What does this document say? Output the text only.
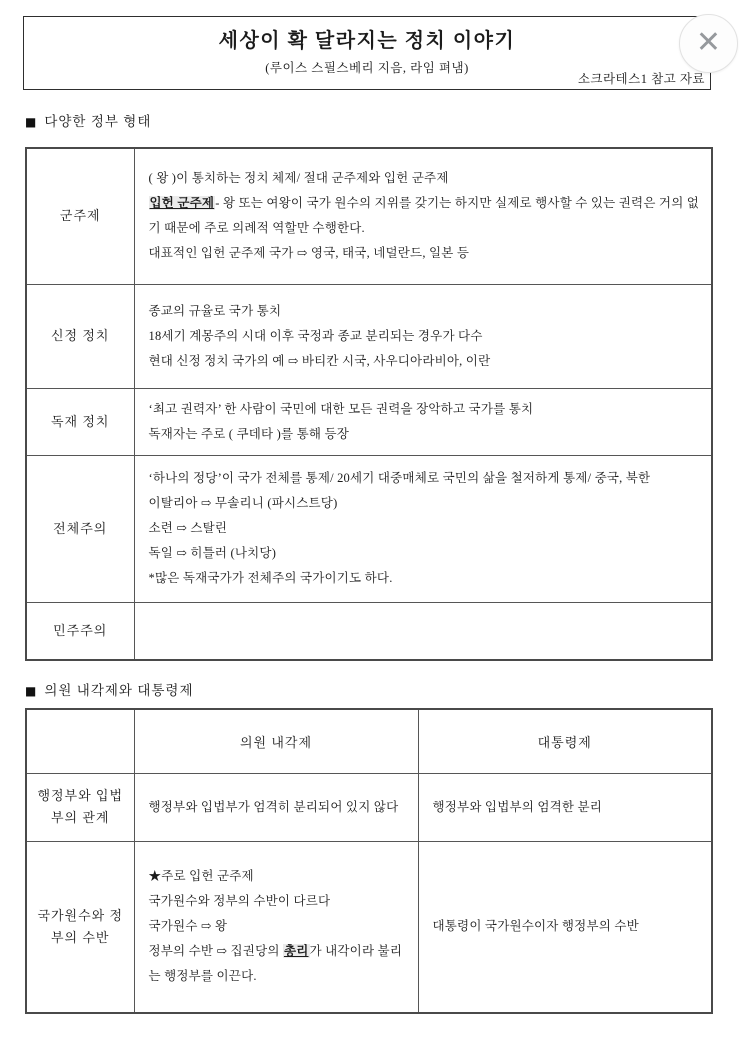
세상이 확 달라지는 정치 이야기
(루이스 스필스베리 지음, 라임 펴냄)
소크라테스1 참고 자료
✕
■ 다양한 정부 형태
군주제	( 왕 )이 통치하는 정치 체제/ 절대 군주제와 입헌 군주제
입헌 군주제- 왕 또는 여왕이 국가 원수의 지위를 갖기는 하지만 실제로 행사할 수 있는 권력은 거의 없기 때문에 주로 의례적 역할만 수행한다.
대표적인 입헌 군주제 국가 ⇨ 영국, 태국, 네덜란드, 일본 등

신정 정치	종교의 규율로 국가 통치
18세기 계몽주의 시대 이후 국정과 종교 분리되는 경우가 다수
현대 신정 정치 국가의 예 ⇨ 바티칸 시국, 사우디아라비아, 이란

독재 정치	‘최고 권력자’ 한 사람이 국민에 대한 모든 권력을 장악하고 국가를 통치
독재자는 주로 ( 쿠데타 )를 통해 등장

전체주의	‘하나의 정당’이 국가 전체를 통제/ 20세기 대중매체로 국민의 삶을 철저하게 통제/ 중국, 북한
이탈리아 ⇨ 무솔리니 (파시스트당)
소련 ⇨ 스탈린
독일 ⇨ 히틀러 (나치당)
*많은 독재국가가 전체주의 국가이기도 하다.

민주주의	
■ 의원 내각제와 대통령제
	의원 내각제	대통령제
행정부와 입법부의 관계	행정부와 입법부가 엄격히 분리되어 있지 않다	행정부와 입법부의 엄격한 분리

국가원수와 정부의 수반	★주로 입헌 군주제
국가원수와 정부의 수반이 다르다
국가원수 ⇨ 왕
정부의 수반 ⇨ 집권당의 총리가 내각이라 불리는 행정부를 이끈다.	대통령이 국가원수이자 행정부의 수반
